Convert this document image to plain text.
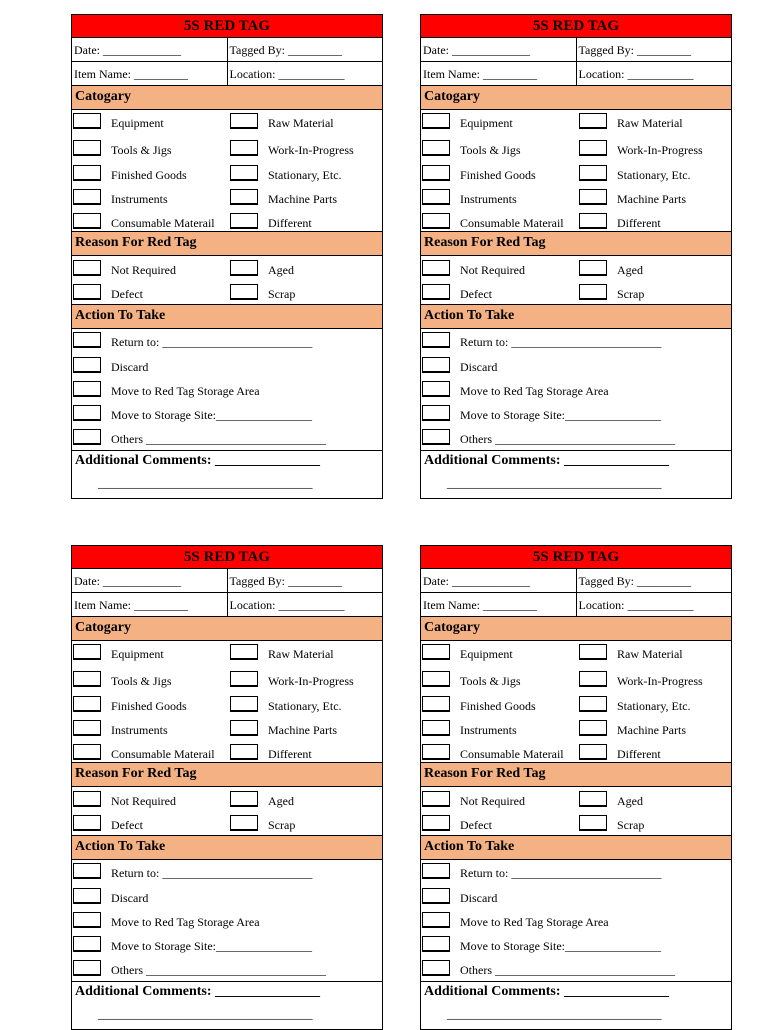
5S RED TAG
Date: _____________	Tagged By: _________
Item Name: _________	Location: ___________
Catogary
Equipment	Raw Material
Tools & Jigs	Work-In-Progress
Finished Goods	Stationary, Etc.
Instruments	Machine Parts
Consumable Materail	Different
Reason For Red Tag
Not Required	Aged
Defect	Scrap
Action To Take
Return to: _________________________
Discard
Move to Red Tag Storage Area
Move to Storage Site:________________
Others ______________________________
Additional Comments: _______________
_________________________________
5S RED TAG
Date: _____________	Tagged By: _________
Item Name: _________	Location: ___________
Catogary
Equipment	Raw Material
Tools & Jigs	Work-In-Progress
Finished Goods	Stationary, Etc.
Instruments	Machine Parts
Consumable Materail	Different
Reason For Red Tag
Not Required	Aged
Defect	Scrap
Action To Take
Return to: _________________________
Discard
Move to Red Tag Storage Area
Move to Storage Site:________________
Others ______________________________
Additional Comments: _______________
_________________________________
5S RED TAG
Date: _____________	Tagged By: _________
Item Name: _________	Location: ___________
Catogary
Equipment	Raw Material
Tools & Jigs	Work-In-Progress
Finished Goods	Stationary, Etc.
Instruments	Machine Parts
Consumable Materail	Different
Reason For Red Tag
Not Required	Aged
Defect	Scrap
Action To Take
Return to: _________________________
Discard
Move to Red Tag Storage Area
Move to Storage Site:________________
Others ______________________________
Additional Comments: _______________
_________________________________
5S RED TAG
Date: _____________	Tagged By: _________
Item Name: _________	Location: ___________
Catogary
Equipment	Raw Material
Tools & Jigs	Work-In-Progress
Finished Goods	Stationary, Etc.
Instruments	Machine Parts
Consumable Materail	Different
Reason For Red Tag
Not Required	Aged
Defect	Scrap
Action To Take
Return to: _________________________
Discard
Move to Red Tag Storage Area
Move to Storage Site:________________
Others ______________________________
Additional Comments: _______________
_________________________________
